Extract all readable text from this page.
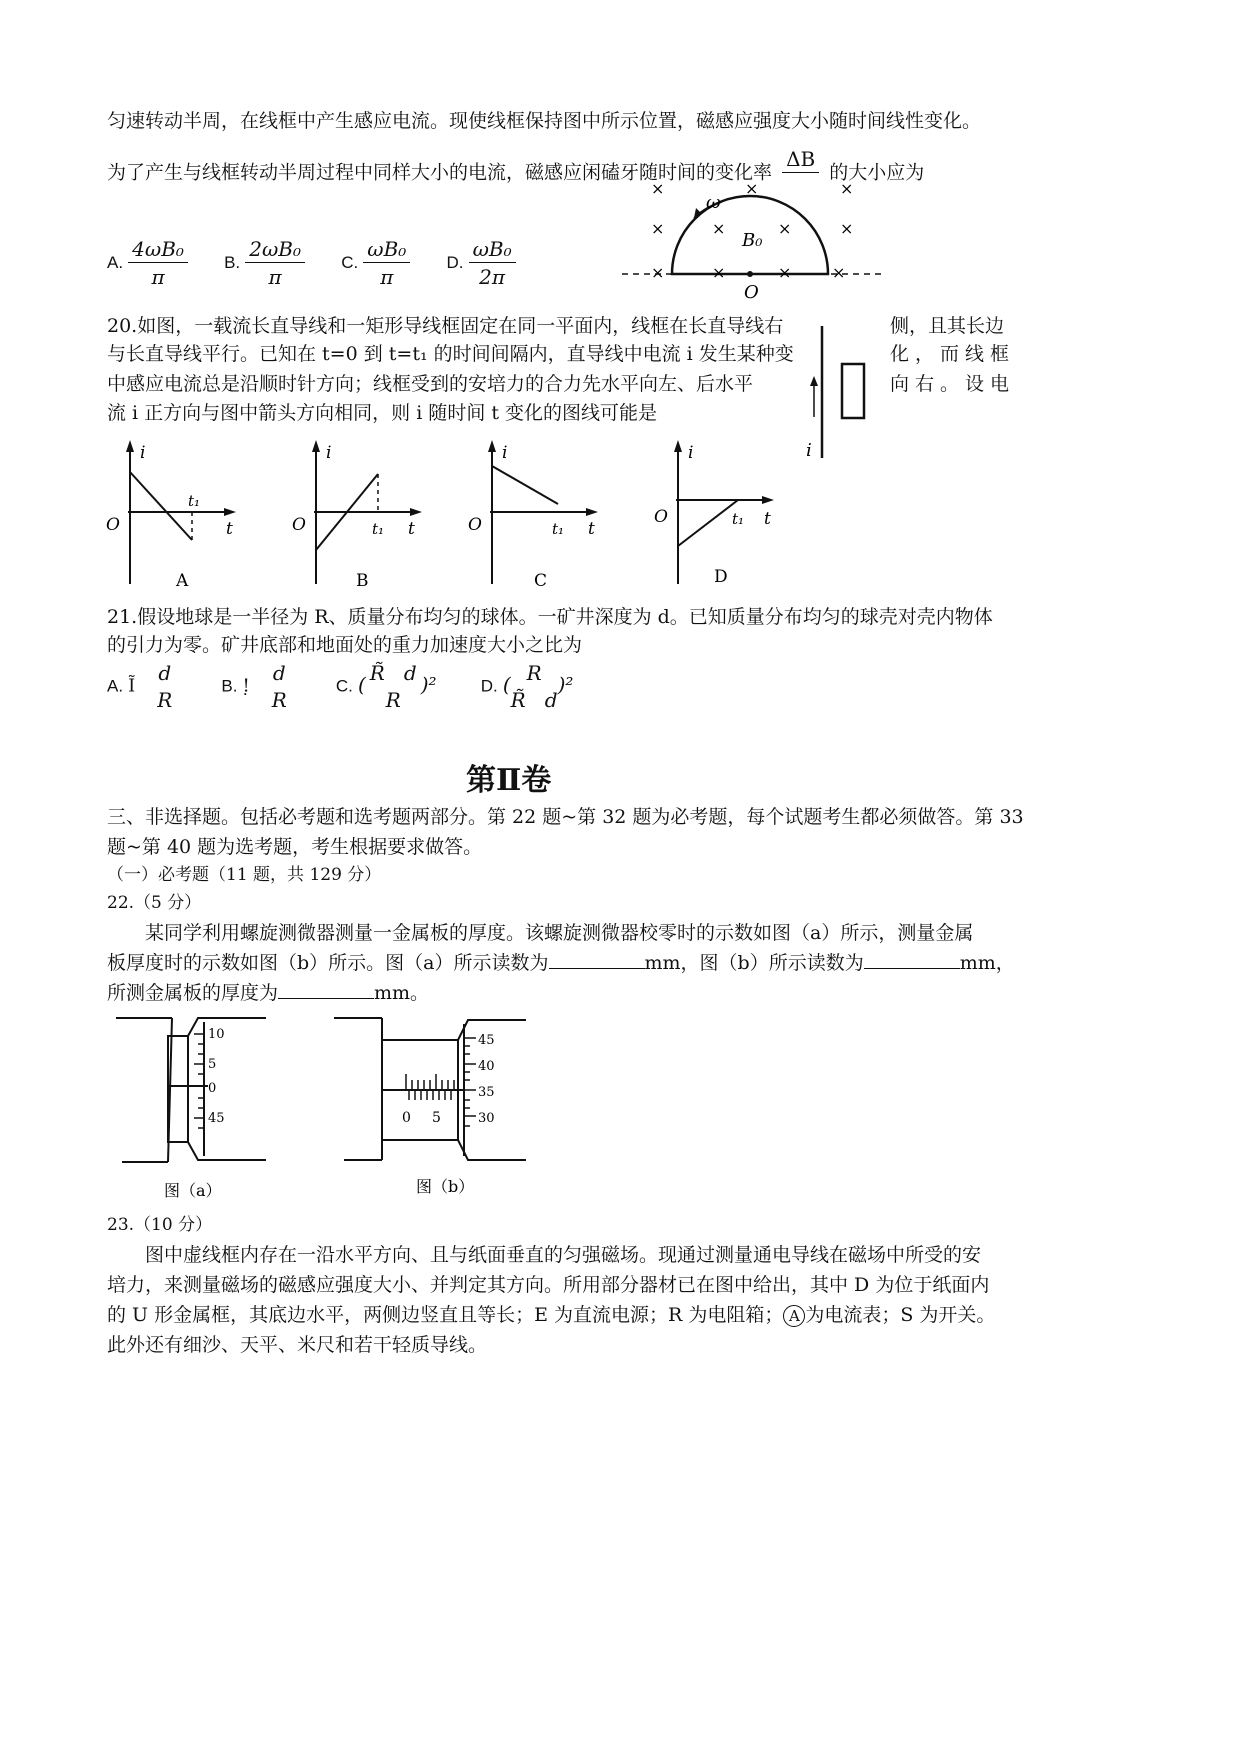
匀速转动半周，在线框中产生感应电流。现使线框保持图中所示位置，磁感应强度大小随时间线性变化。
为了产生与线框转动半周过程中同样大小的电流，磁感应闲磕牙随时间的变化率
ΔB

的大小应为
A. $\frac{\text{4ωB₀}}{\pi} B$. $\frac{\text{2ωB₀}}{\pi} C$. $\frac{\text{ωB₀}}{\pi} D$. $\frac{\text{ωB₀}}{2\pi}$
ω
B₀
O
×	×	×
×	×	×	×
×	×	×	×
20.如图，一载流长直导线和一矩形导线框固定在同一平面内，线框在长直导线右	侧，且其长边
与长直导线平行。已知在 t=0 到 t=t₁ 的时间间隔内，直导线中电流 i 发生某种变	化，而线框
中感应电流总是沿顺时针方向；线框受到的安培力的合力先水平向左、后水平	向右。设电
流 i 正方向与图中箭头方向相同，则 i 随时间 t 变化的图线可能是
i
i
O
t₁
t
A
i
O	t₁ t
B
i
O	t₁ t
C
i
O	t₁ t
D
21.假设地球是一半径为 R、质量分布均匀的球体。一矿井深度为 d。已知质量分布均匀的球壳对壳内物体
的引力为零。矿井底部和地面处的重力加速度大小之比为
A. Ĩ
d
R
B. !̣
d
R
C. ( R̃   d
R
)²	D. ( R
R̃   d
)²
第Ⅱ卷
三、非选择题。包括必考题和选考题两部分。第 22 题~第 32 题为必考题，每个试题考生都必须做答。第 33
题~第 40 题为选考题，考生根据要求做答。
（一）必考题（11 题，共 129 分）
22.（5 分）
某同学利用螺旋测微器测量一金属板的厚度。该螺旋测微器校零时的示数如图（a）所示，测量金属
板厚度时的示数如图（b）所示。图（a）所示读数为	mm，图（b）所示读数为	mm，
所测金属板的厚度为	mm。
10
5
0
45
图（a）
0 5
45
40
35
30
图（b）
23.（10 分）
图中虚线框内存在一沿水平方向、且与纸面垂直的匀强磁场。现通过测量通电导线在磁场中所受的安
培力，来测量磁场的磁感应强度大小、并判定其方向。所用部分器材已在图中给出，其中 D 为位于纸面内
的 U 形金属框，其底边水平，两侧边竖直且等长；E 为直流电源；R 为电阻箱； A 为电流表；S 为开关。
此外还有细沙、天平、米尺和若干轻质导线。
